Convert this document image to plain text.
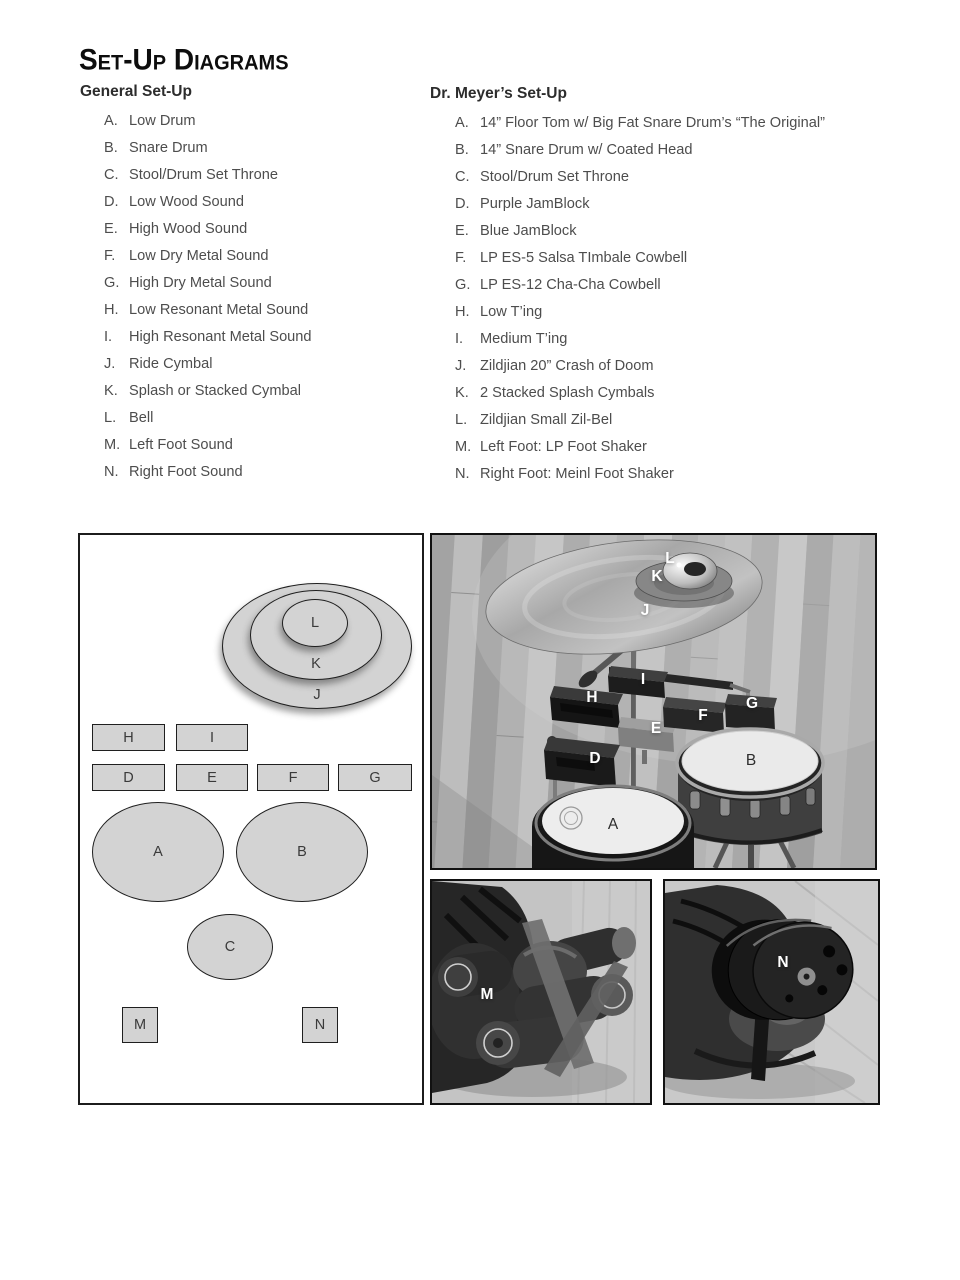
Set-Up Diagrams
General Set-Up
A. Low Drum
B. Snare Drum
C. Stool/Drum Set Throne
D. Low Wood Sound
E. High Wood Sound
F. Low Dry Metal Sound
G. High Dry Metal Sound
H. Low Resonant Metal Sound
I. High Resonant Metal Sound
J. Ride Cymbal
K. Splash or Stacked Cymbal
L. Bell
M. Left Foot Sound
N. Right Foot Sound
Dr. Meyer’s Set-Up
A. 14” Floor Tom w/ Big Fat Snare Drum’s “The Original”
B. 14” Snare Drum w/ Coated Head
C. Stool/Drum Set Throne
D. Purple JamBlock
E. Blue JamBlock
F. LP ES-5 Salsa TImbale Cowbell
G. LP ES-12 Cha-Cha Cowbell
H. Low T’ing
I. Medium T’ing
J. Zildjian 20” Crash of Doom
K. 2 Stacked Splash Cymbals
L. Zildjian Small Zil-Bel
M. Left Foot: LP Foot Shaker
N. Right Foot: Meinl Foot Shaker
L
K
J
H	I
D	E	F	G
A	B
C
M	N
L
K
J
I
H	G
F
E
D	B
A
M
N
